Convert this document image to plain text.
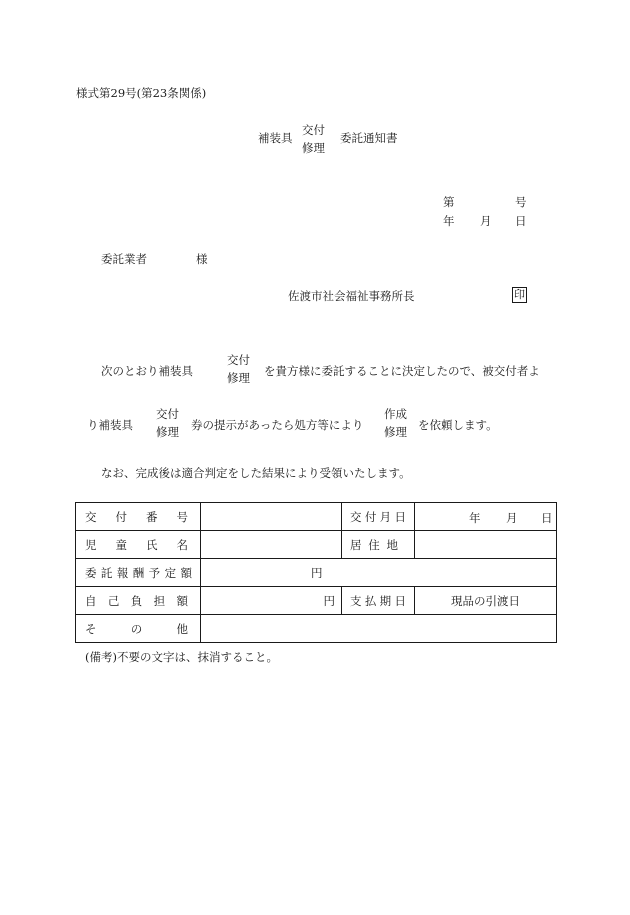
様式第29号(第23条関係)
補装具
交付
修理
委託通知書
第	号
年 月 日
委託業者	様
佐渡市社会福祉事務所長	印
次のとおり補装具
交付
修理 を貴方様に委託することに決定したので、被交付者よ
り補装具
交付
修理 券の提示があったら処方等により
作成
修理 を依頼します。
なお、完成後は適合判定をした結果により受領いたします。
交付番号		交付月日	年 月 日

児童氏名		居住地	
委託報酬予定額	円		
自己負担額	円	支払期日	現品の引渡日
その他			
(備考)不要の文字は、抹消すること。
